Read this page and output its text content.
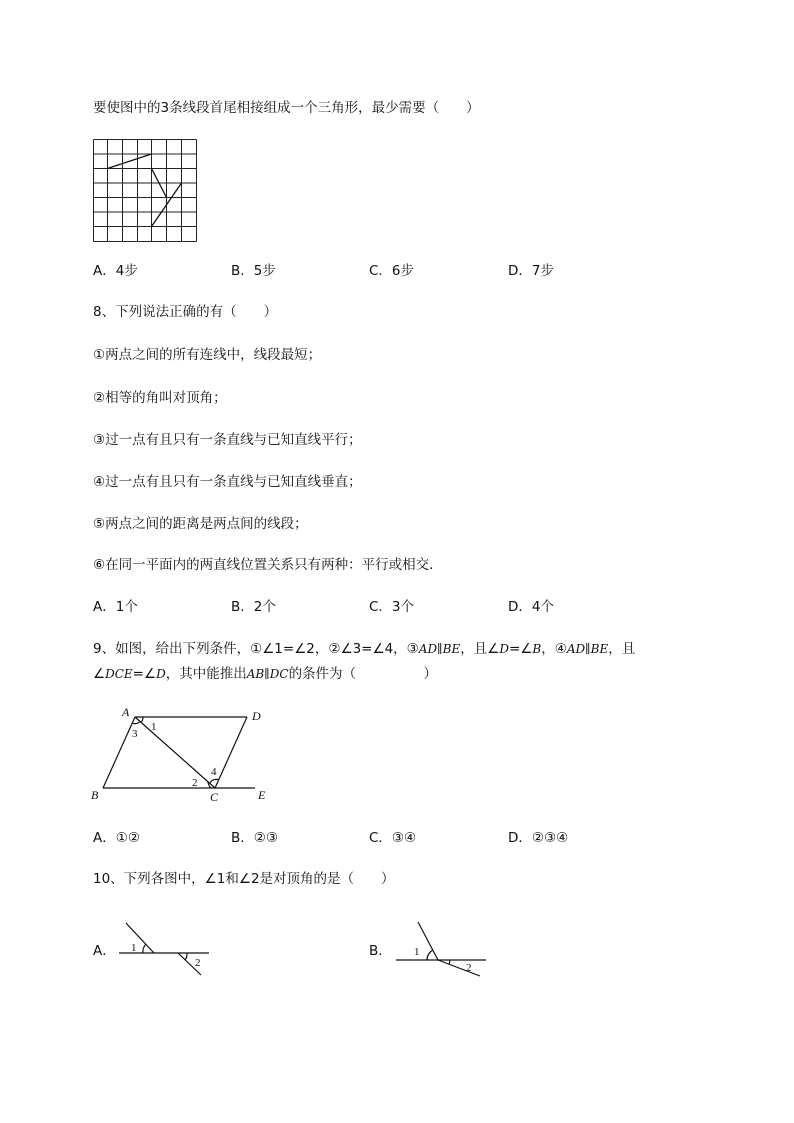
要使图中的3条线段首尾相接组成一个三角形，最少需要（　　）
A．4步	B．5步	C．6步	D．7步
8、下列说法正确的有（　　）
①两点之间的所有连线中，线段最短；
②相等的角叫对顶角；
③过一点有且只有一条直线与已知直线平行；
④过一点有且只有一条直线与已知直线垂直；
⑤两点之间的距离是两点间的线段；
⑥在同一平面内的两直线位置关系只有两种：平行或相交．
A．1个	B．2个	C．3个	D．4个
9、如图，给出下列条件，①∠1=∠2，②∠3=∠4，③AD∥BE，且∠D=∠B，④AD∥BE，且
∠DCE=∠D，其中能推出AB∥DC的条件为（　　　　　）
A	D
B	C	E
1
3
2
4
A．①②	B．②③	C．③④	D．②③④
10、下列各图中，∠1和∠2是对顶角的是（　　）
A． 1
2
B． 1
2
